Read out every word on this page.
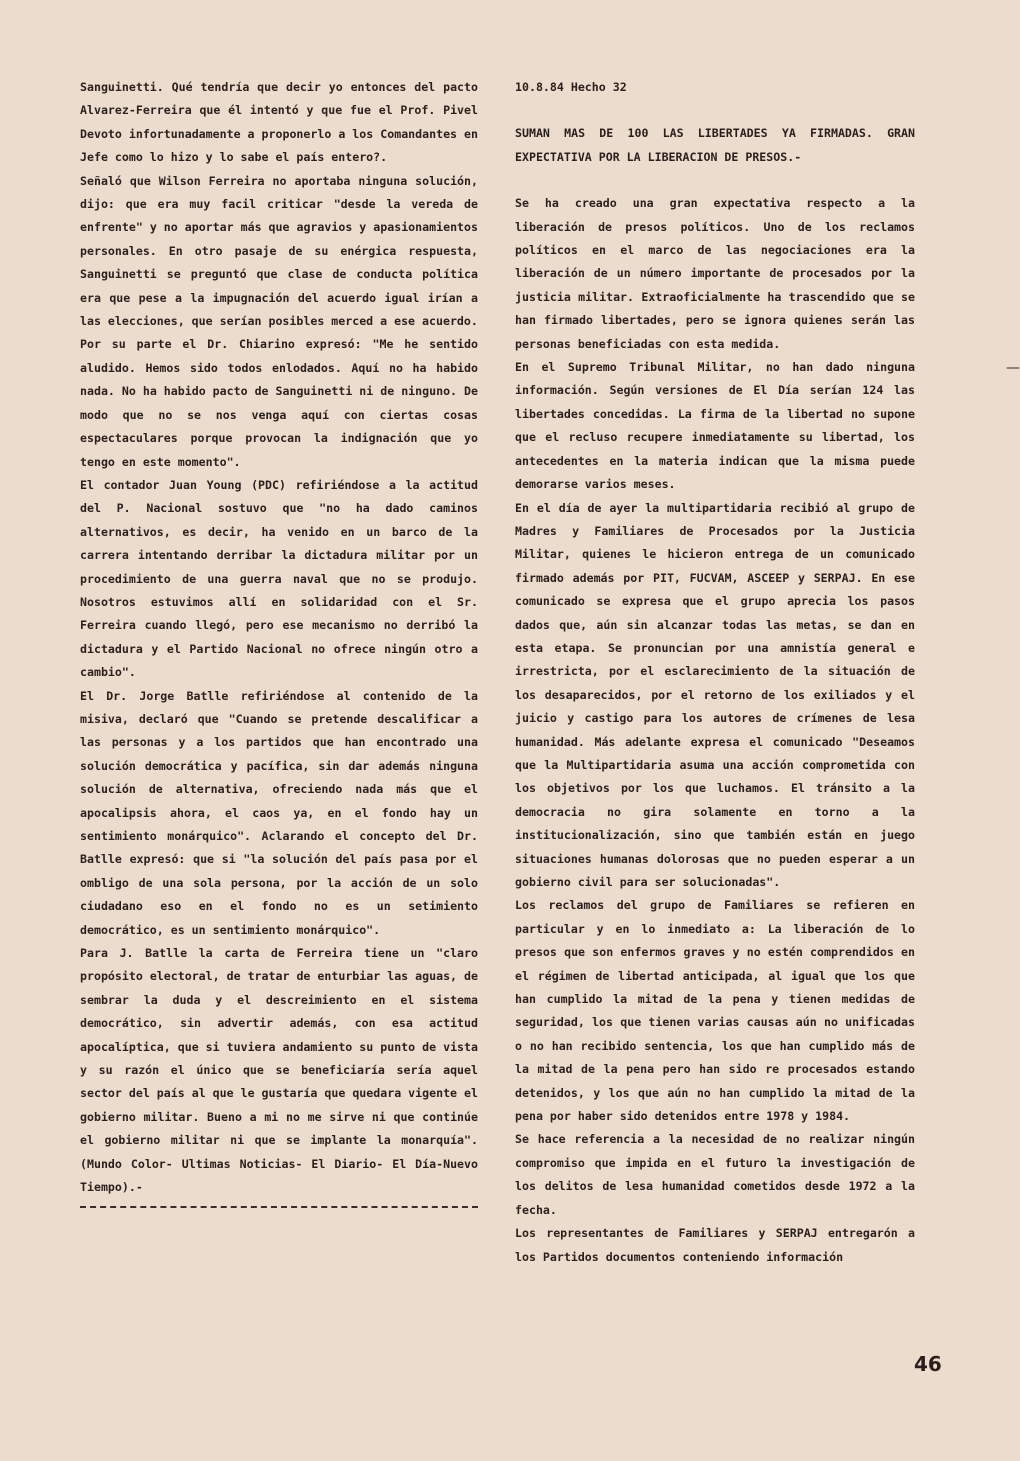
Sanguinetti. Qué tendría que decir yo entonces del pacto Alvarez-Ferreira que él intentó y que fue el Prof. Pivel Devoto infortunadamente a proponerlo a los Comandantes en Jefe como lo hizo y lo sabe el país entero?.

Señaló que Wilson Ferreira no aportaba ninguna solución, dijo: que era muy facil criticar "desde la vereda de enfrente" y no aportar más que agravios y apasionamientos personales. En otro pasaje de su enérgica respuesta, Sanguinetti se preguntó que clase de conducta política era que pese a la impugnación del acuerdo igual irían a las elecciones, que serían posibles merced a ese acuerdo.

Por su parte el Dr. Chiarino expresó: "Me he sentido aludido. Hemos sido todos enlodados. Aquí no ha habido nada. No ha habido pacto de Sanguinetti ni de ninguno. De modo que no se nos venga aquí con ciertas cosas espectaculares porque provocan la indignación que yo tengo en este momento".

El contador Juan Young (PDC) refiriéndose a la actitud del P. Nacional sostuvo que "no ha dado caminos alternativos, es decir, ha venido en un barco de la carrera intentando derribar la dictadura militar por un procedimiento de una guerra naval que no se produjo. Nosotros estuvimos allí en solidaridad con el Sr. Ferreira cuando llegó, pero ese mecanismo no derribó la dictadura y el Partido Nacional no ofrece ningún otro a cambio".

El Dr. Jorge Batlle refiriéndose al contenido de la misiva, declaró que "Cuando se pretende descalificar a las personas y a los partidos que han encontrado una solución democrática y pacífica, sin dar además ninguna solución de alternativa, ofreciendo nada más que el apocalipsis ahora, el caos ya, en el fondo hay un sentimiento monárquico". Aclarando el concepto del Dr. Batlle expresó: que si "la solución del país pasa por el ombligo de una sola persona, por la acción de un solo ciudadano eso en el fondo no es un setimiento democrático, es un sentimiento monárquico".

Para J. Batlle la carta de Ferreira tiene un "claro propósito electoral, de tratar de enturbiar las aguas, de sembrar la duda y el descreimiento en el sistema democrático, sin advertir además, con esa actitud apocalíptica, que si tuviera andamiento su punto de vista y su razón el único que se beneficiaría sería aquel sector del país al que le gustaría que quedara vigente el gobierno militar. Bueno a mi no me sirve ni que continúe el gobierno militar ni que se implante la monarquía". (Mundo Color- Ultimas Noticias- El Diario- El Día-Nuevo Tiempo).-

10.8.84 Hecho 32

SUMAN MAS DE 100 LAS LIBERTADES YA FIRMADAS. GRAN EXPECTATIVA POR LA LIBERACION DE PRESOS.-

Se ha creado una gran expectativa respecto a la liberación de presos políticos. Uno de los reclamos políticos en el marco de las negociaciones era la liberación de un número importante de procesados por la justicia militar. Extraoficialmente ha trascendido que se han firmado libertades, pero se ignora quienes serán las personas beneficiadas con esta medida.

En el Supremo Tribunal Militar, no han dado ninguna información. Según versiones de El Día serían 124 las libertades concedidas. La firma de la libertad no supone que el recluso recupere inmediatamente su libertad, los antecedentes en la materia indican que la misma puede demorarse varios meses.

En el día de ayer la multipartidaria recibió al grupo de Madres y Familiares de Procesados por la Justicia Militar, quienes le hicieron entrega de un comunicado firmado además por PIT, FUCVAM, ASCEEP y SERPAJ. En ese comunicado se expresa que el grupo aprecia los pasos dados que, aún sin alcanzar todas las metas, se dan en esta etapa. Se pronuncian por una amnistía general e irrestricta, por el esclarecimiento de la situación de los desaparecidos, por el retorno de los exiliados y el juicio y castigo para los autores de crímenes de lesa humanidad. Más adelante expresa el comunicado "Deseamos que la Multipartidaria asuma una acción comprometida con los objetivos por los que luchamos. El tránsito a la democracia no gira solamente en torno a la institucionalización, sino que también están en juego situaciones humanas dolorosas que no pueden esperar a un gobierno civil para ser solucionadas".

Los reclamos del grupo de Familiares se refieren en particular y en lo inmediato a: La liberación de lo presos que son enfermos graves y no estén comprendidos en el régimen de libertad anticipada, al igual que los que han cumplido la mitad de la pena y tienen medidas de seguridad, los que tienen varias causas aún no unificadas o no han recibido sentencia, los que han cumplido más de la mitad de la pena pero han sido re procesados estando detenidos, y los que aún no han cumplido la mitad de la pena por haber sido detenidos entre 1978 y 1984.

Se hace referencia a la necesidad de no realizar ningún compromiso que impida en el futuro la investigación de los delitos de lesa humanidad cometidos desde 1972 a la fecha.

Los representantes de Familiares y SERPAJ entregarón a los Partidos documentos conteniendo información

46
—
